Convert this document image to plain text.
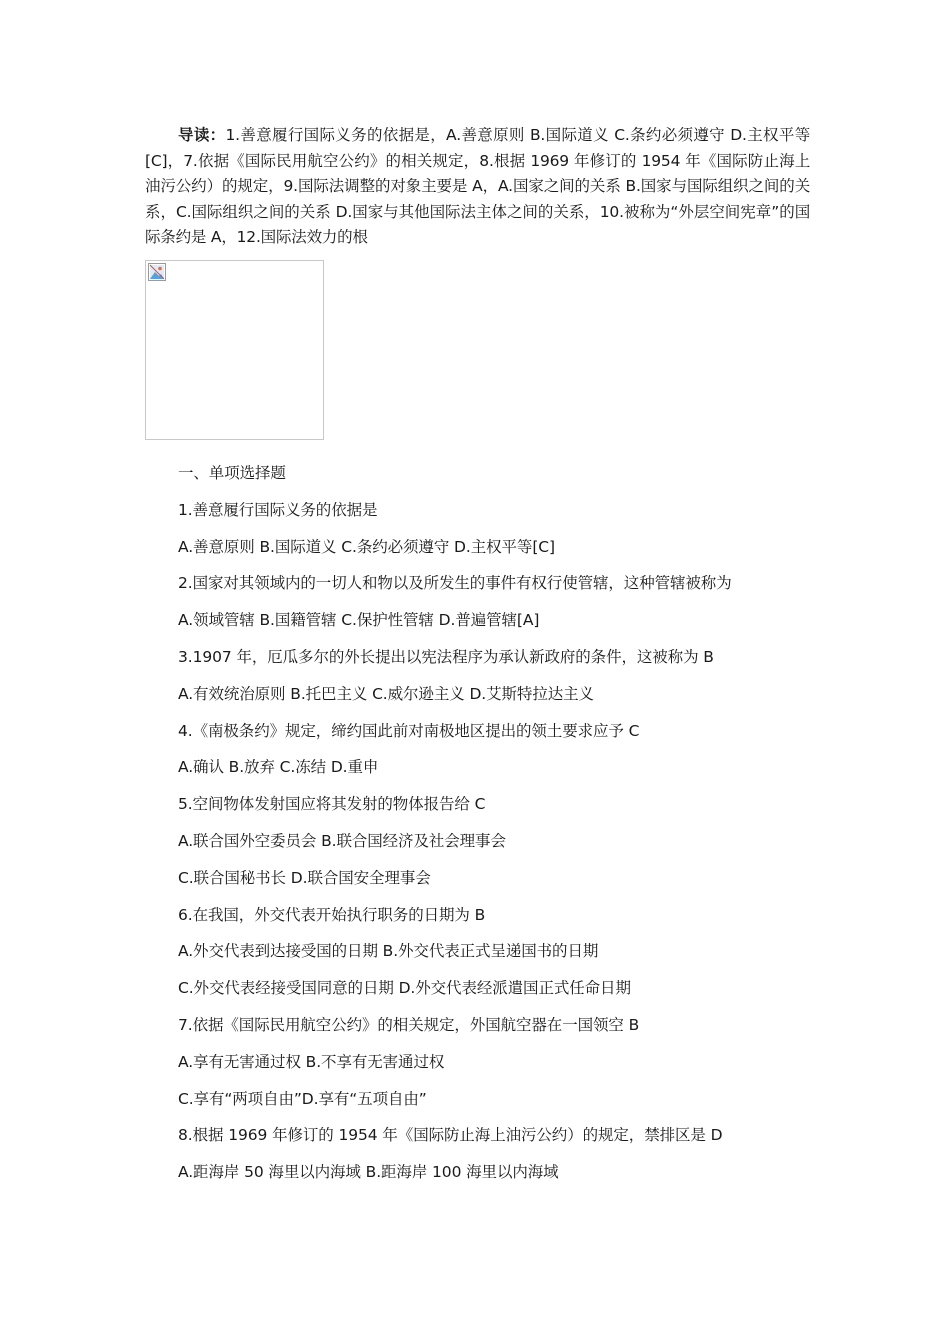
导读：1.善意履行国际义务的依据是，A.善意原则 B.国际道义 C.条约必须遵守 D.主权平等[C]，7.依据《国际民用航空公约》的相关规定，8.根据 1969 年修订的 1954 年《国际防止海上油污公约）的规定，9.国际法调整的对象主要是 A，A.国家之间的关系 B.国家与国际组织之间的关系，C.国际组织之间的关系 D.国家与其他国际法主体之间的关系，10.被称为“外层空间宪章”的国际条约是 A，12.国际法效力的根

一、单项选择题
1.善意履行国际义务的依据是
A.善意原则 B.国际道义 C.条约必须遵守 D.主权平等[C]
2.国家对其领域内的一切人和物以及所发生的事件有权行使管辖，这种管辖被称为
A.领域管辖 B.国籍管辖 C.保护性管辖 D.普遍管辖[A]
3.1907 年，厄瓜多尔的外长提出以宪法程序为承认新政府的条件，这被称为 B
A.有效统治原则 B.托巴主义 C.威尔逊主义 D.艾斯特拉达主义
4.《南极条约》规定，缔约国此前对南极地区提出的领土要求应予 C
A.确认 B.放弃 C.冻结 D.重申
5.空间物体发射国应将其发射的物体报告给 C
A.联合国外空委员会 B.联合国经济及社会理事会
C.联合国秘书长 D.联合国安全理事会
6.在我国，外交代表开始执行职务的日期为 B
A.外交代表到达接受国的日期 B.外交代表正式呈递国书的日期
C.外交代表经接受国同意的日期 D.外交代表经派遣国正式任命日期
7.依据《国际民用航空公约》的相关规定，外国航空器在一国领空 B
A.享有无害通过权 B.不享有无害通过权
C.享有“两项自由”D.享有“五项自由”
8.根据 1969 年修订的 1954 年《国际防止海上油污公约）的规定，禁排区是 D
A.距海岸 50 海里以内海域 B.距海岸 100 海里以内海域
